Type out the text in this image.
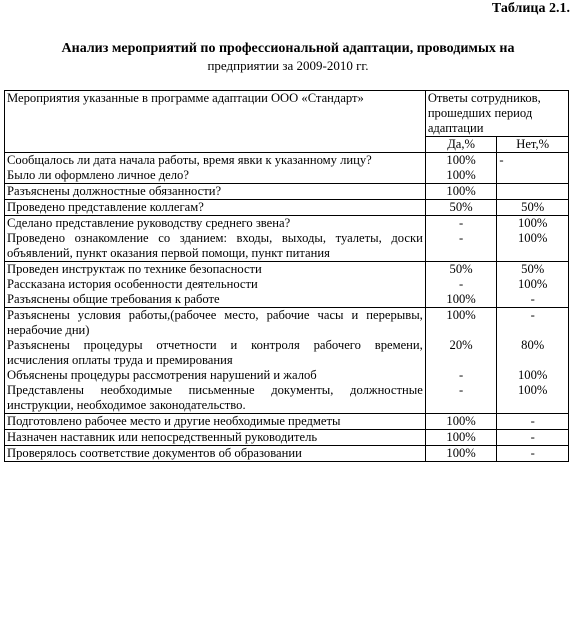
Таблица 2.1.
Анализ мероприятий по профессиональной адаптации, проводимых на
предприятии за 2009-2010 гг.
Мероприятия указанные в программе адаптации ООО «Стандарт»	Ответы сотрудников, прошедших период адаптации	
	Да,%	Нет,%
Сообщалось ли дата начала работы, время явки к указанному лицу?	100%	-
Было ли оформлено личное дело?	100%	
Разъяснены должностные обязанности?	100%	
Проведено представление коллегам?	50%	50%
Сделано представление руководству среднего звена?	-	100%
Проведено ознакомление со зданием: входы, выходы, туалеты, доски объявлений, пункт оказания первой помощи, пункт питания	-	100%
Проведен инструктаж по технике безопасности	50%	50%
Рассказана история особенности деятельности	-	100%
Разъяснены общие требования к работе	100%	-
Разъяснены условия работы,(рабочее место, рабочие часы и перерывы, нерабочие дни)	100%	-
Разъяснены процедуры отчетности и контроля рабочего времени, исчисления оплаты труда и премирования	20%	80%
Объяснены процедуры рассмотрения нарушений и жалоб	-	100%
Представлены необходимые письменные документы, должностные инструкции, необходимое законодательство.	-	100%
Подготовлено рабочее место и другие необходимые предметы	100%	-
Назначен наставник или непосредственный руководитель	100%	-
Проверялось соответствие документов об образовании	100%	-
